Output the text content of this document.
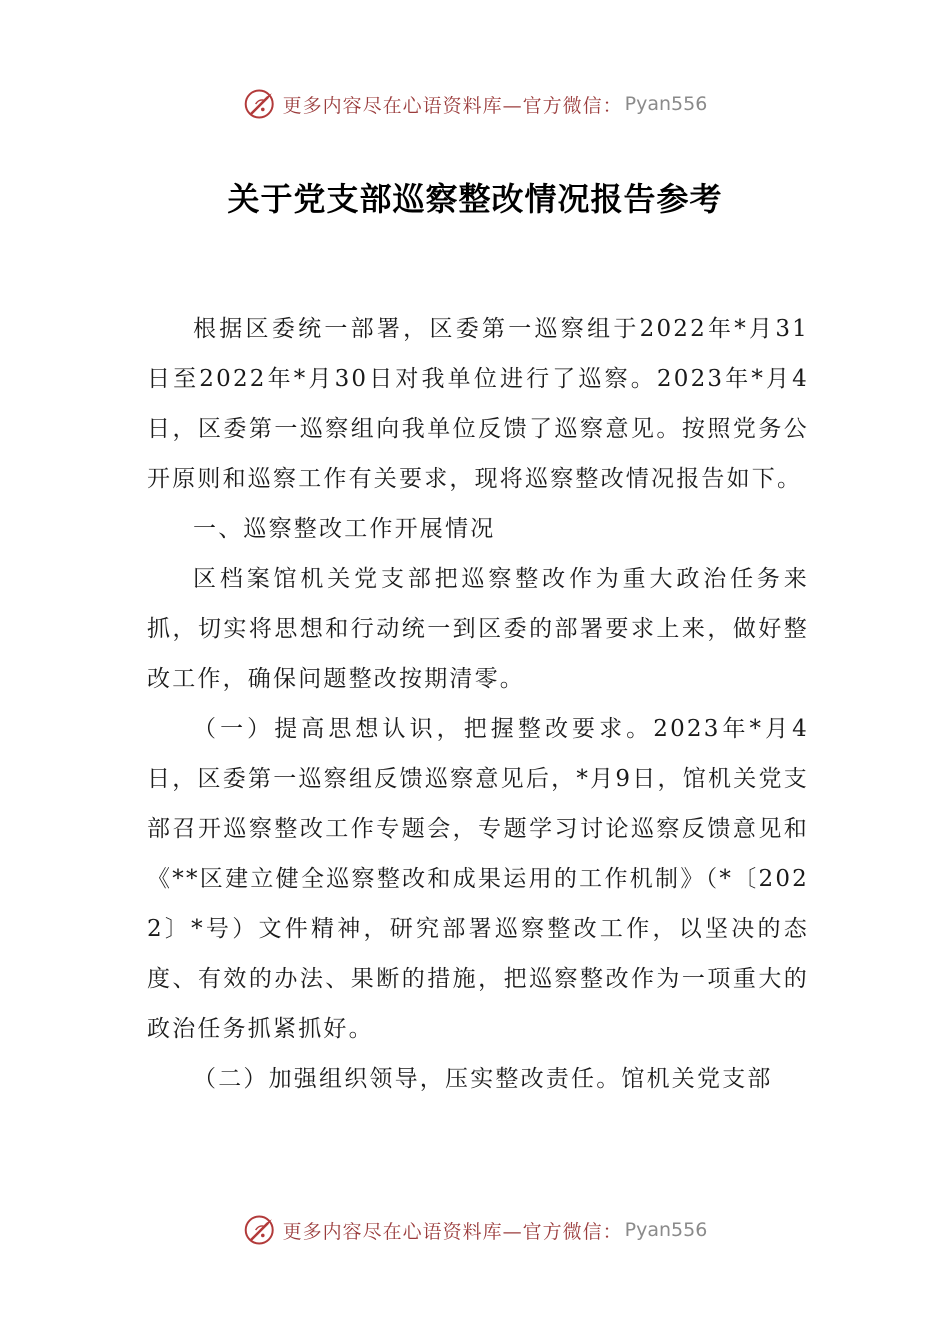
更多内容尽在心语资料库—官方微信： Pyan556
关于党支部巡察整改情况报告参考

根据区委统一部署，区委第一巡察组于2022年*月31日至2022年*月30日对我单位进行了巡察。2023年*月4日，区委第一巡察组向我单位反馈了巡察意见。按照党务公开原则和巡察工作有关要求，现将巡察整改情况报告如下。

一、巡察整改工作开展情况

区档案馆机关党支部把巡察整改作为重大政治任务来抓，切实将思想和行动统一到区委的部署要求上来，做好整改工作，确保问题整改按期清零。

（一）提高思想认识，把握整改要求。2023年*月4日，区委第一巡察组反馈巡察意见后，*月9日，馆机关党支部召开巡察整改工作专题会，专题学习讨论巡察反馈意见和《**区建立健全巡察整改和成果运用的工作机制》（*〔2022〕*号）文件精神，研究部署巡察整改工作，以坚决的态度、有效的办法、果断的措施，把巡察整改作为一项重大的政治任务抓紧抓好。

（二）加强组织领导，压实整改责任。馆机关党支部

更多内容尽在心语资料库—官方微信： Pyan556
